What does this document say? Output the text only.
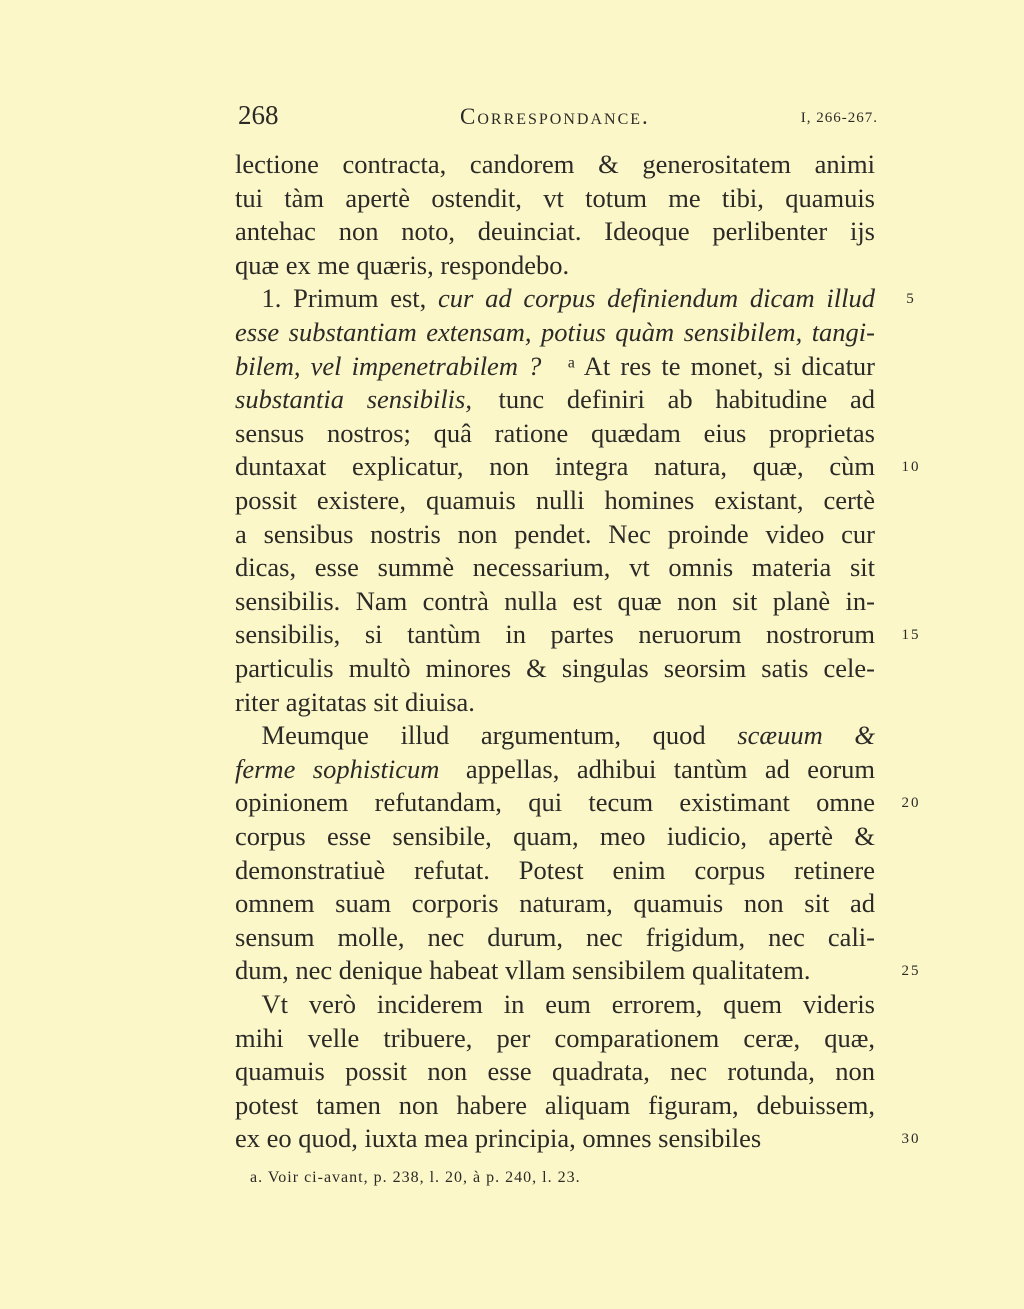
268	Correspondance.	I, 266-267.
lectione contracta, candorem & generositatem animi
tui tàm apertè ostendit, vt totum me tibi, quamuis
antehac non noto, deuinciat. Ideoque perlibenter ijs
quæ ex me quæris, respondebo.
 1. Primum est, cur ad corpus definiendum dicam illud	5
esse substantiam extensam, potius quàm sensibilem, tangi-
bilem, vel impenetrabilem ? ᵃ At res te monet, si dicatur
substantia sensibilis, tunc definiri ab habitudine ad
sensus nostros; quâ ratione quædam eius proprietas
duntaxat explicatur, non integra natura, quæ, cùm	10
possit existere, quamuis nulli homines existant, certè
a sensibus nostris non pendet. Nec proinde video cur
dicas, esse summè necessarium, vt omnis materia sit
sensibilis. Nam contrà nulla est quæ non sit planè in-
sensibilis, si tantùm in partes neruorum nostrorum	15
particulis multò minores & singulas seorsim satis cele-
riter agitatas sit diuisa.
 Meumque illud argumentum, quod scæuum &
ferme sophisticum appellas, adhibui tantùm ad eorum
opinionem refutandam, qui tecum existimant omne	20
corpus esse sensibile, quam, meo iudicio, apertè &
demonstratiuè refutat. Potest enim corpus retinere
omnem suam corporis naturam, quamuis non sit ad
sensum molle, nec durum, nec frigidum, nec cali-
dum, nec denique habeat vllam sensibilem qualitatem.	25
 Vt verò inciderem in eum errorem, quem videris
mihi velle tribuere, per comparationem ceræ, quæ,
quamuis possit non esse quadrata, nec rotunda, non
potest tamen non habere aliquam figuram, debuissem,
ex eo quod, iuxta mea principia, omnes sensibiles	30
a. Voir ci-avant, p. 238, l. 20, à p. 240, l. 23.
